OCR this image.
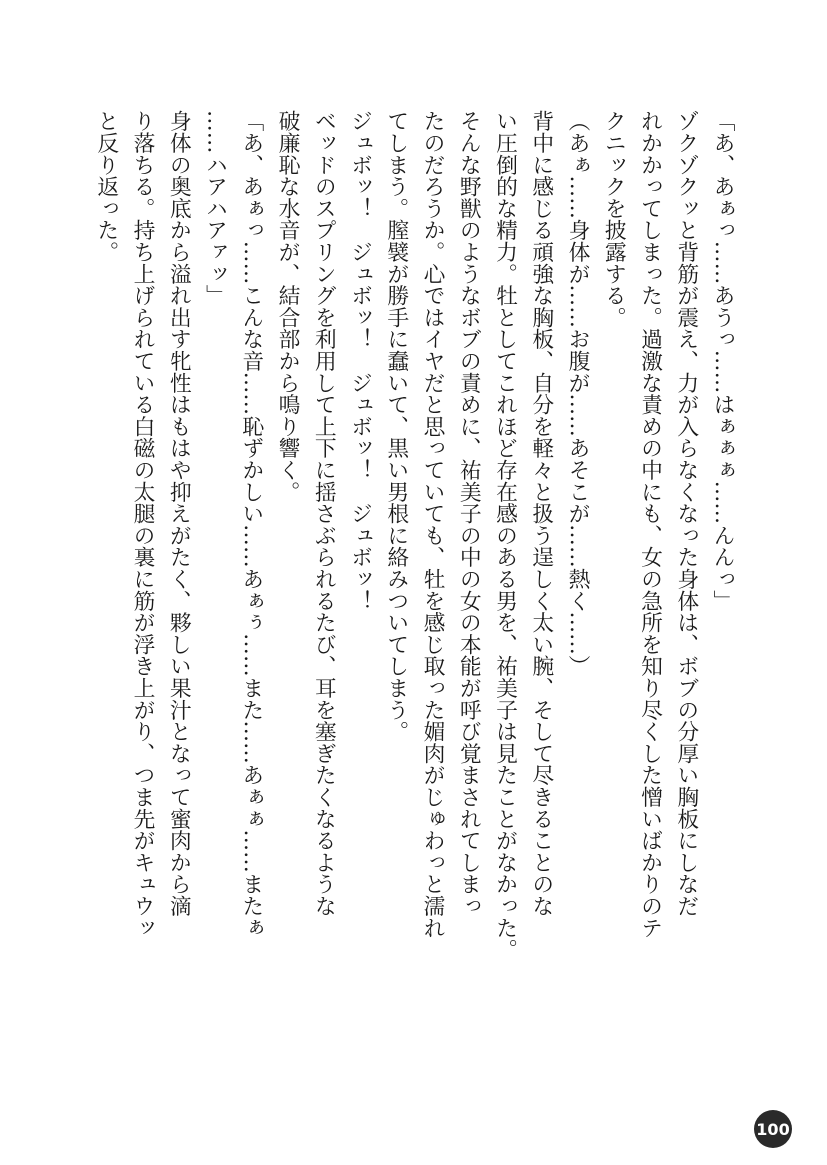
「あ、あぁっ……あうっ……はぁぁぁ……んんっ」
ゾクゾクッと背筋が震え、力が入らなくなった身体は、ボブの分厚い胸板にしなだ
れかかってしまった。過激な責めの中にも、女の急所を知り尽くした憎いばかりのテ
クニックを披露する。
（あぁ……身体が……お腹が……あそこが……熱く……）
背中に感じる頑強な胸板、自分を軽々と扱う逞しく太い腕、そして尽きることのな
い圧倒的な精力。牡としてこれほど存在感のある男を、祐美子は見たことがなかった。
そんな野獣のようなボブの責めに、祐美子の中の女の本能が呼び覚まされてしまっ
たのだろうか。心ではイヤだと思っていても、牡を感じ取った媚肉がじゅわっと濡れ
てしまう。膣襞が勝手に蠢いて、黒い男根に絡みついてしまう。
ジュボッ！　ジュボッ！　ジュボッ！　ジュボッ！
ベッドのスプリングを利用して上下に揺さぶられるたび、耳を塞ぎたくなるような
破廉恥な水音が、結合部から鳴り響く。
「あ、あぁっ……こんな音……恥ずかしい……あぁぅ……また……あぁぁ……またぁ
……ハアハアァッ」
身体の奥底から溢れ出す牝性はもはや抑えがたく、夥しい果汁となって蜜肉から滴
り落ちる。持ち上げられている白磁の太腿の裏に筋が浮き上がり、つま先がキュウッ
と反り返った。
100
